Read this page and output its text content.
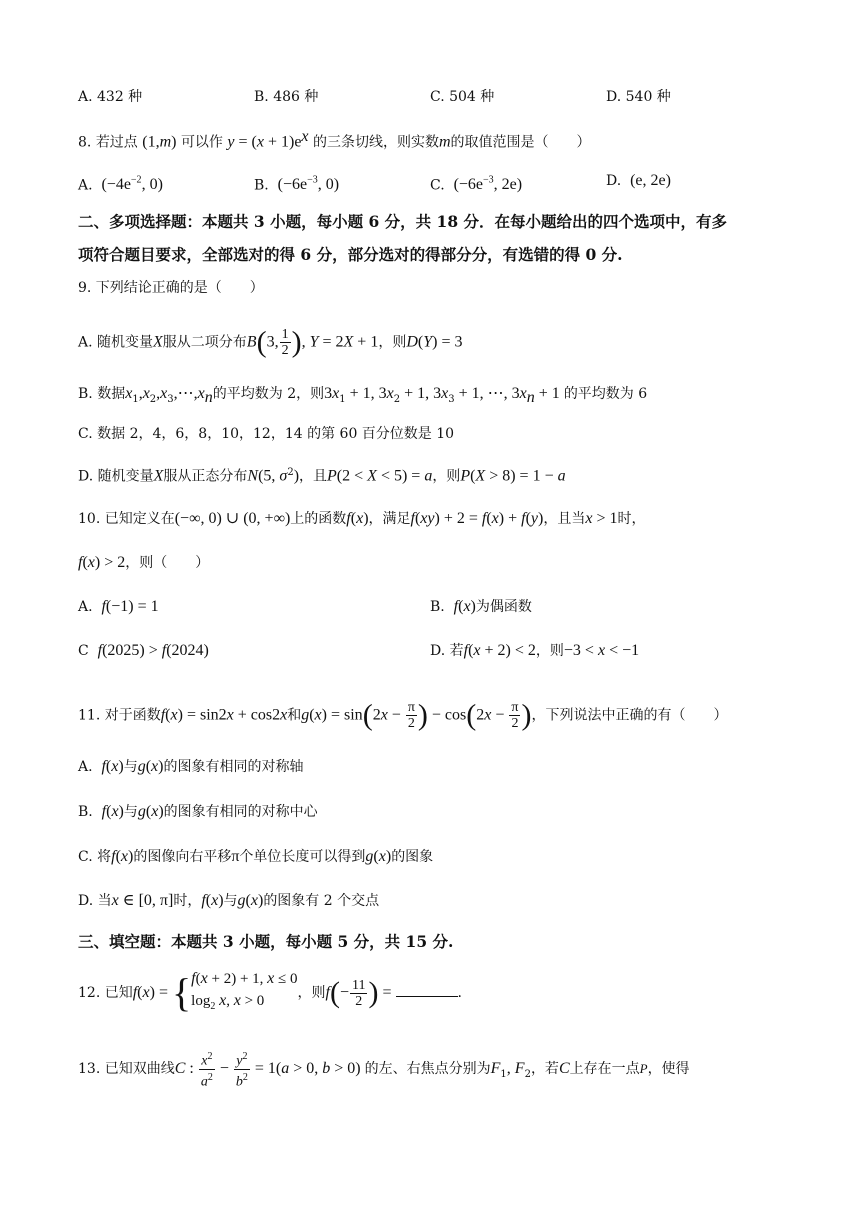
A. 432 种	B. 486 种	C. 504 种	D. 540 种
8. 若过点 (1,m) 可以作 $y = (x + 1)e^x$ 的三条切线，则实数m的取值范围是（　　）
A. ($-4e^{-2}$, 0)	B. ($-6e^{-3}$, 0)	C. ($-6e^{-3}$, 2e)	D. (e, 2e)
二、多项选择题：本题共 3 小题，每小题 6 分，共 18 分．在每小题给出的四个选项中，有多
项符合题目要求，全部选对的得 6 分，部分选对的得部分分，有选错的得 0 分.
9. 下列结论正确的是（　　）
A. 随机变量X服从二项分布B(3, $\frac{1}{2}$ ), Y = 2X + 1，则D(Y) = 3
B. 数据$x_1,x_2,x_3,\cdots,x_n$的平均数为 2，则$3x_1 + 1$, $3x_2 + 1$, $3x_3 + 1$, ⋯, $3x_n + 1$ 的平均数为 6
C. 数据 2，4，6，8，10，12，14 的第 60 百分位数是 10
D. 随机变量X服从正态分布N(5, $\sigma^2$)，且P(2 < X < 5) = a，则P(X > 8) = 1 − a
10. 已知定义在(−∞, 0) ∪ (0, +∞)上的函数f(x)，满足f(xy) + 2 = f(x) + f(y)，且当x > 1时，
f(x) > 2，则（　　）
A. f(−1) = 1	B. f(x)为偶函数
C f(2025) > f(2024)	D. 若f(x + 2) < 2，则−3 < x < −1
11. 对于函数f(x) = sin2x + cos2x和$g(x) = \sin(2x - \frac{\pi}{2}$ ) − $\cos(2x - \frac{\pi}{2}$ )，下列说法中正确的有（　　）
A. f(x)与g(x)的图象有相同的对称轴
B. f(x)与g(x)的图象有相同的对称中心
C. 将f(x)的图像向右平移π个单位长度可以得到g(x)的图象
D. 当x ∈ [0, π]时，f(x)与g(x)的图象有 2 个交点
三、填空题：本题共 3 小题，每小题 5 分，共 15 分.
12. 已知f(x) = { f(x + 2) + 1, x ≤ 0
$\log_2 x$, x > 0	，则$f(- \frac{11}{2}$ ) =	.
13. 已知双曲线C : $\frac{x^2}{a^2} - \frac{y^2}{b^2} = 1(a > 0$, b > 0) 的左、右焦点分别为$F_1$, $F_2$，若C上存在一点P，使得
